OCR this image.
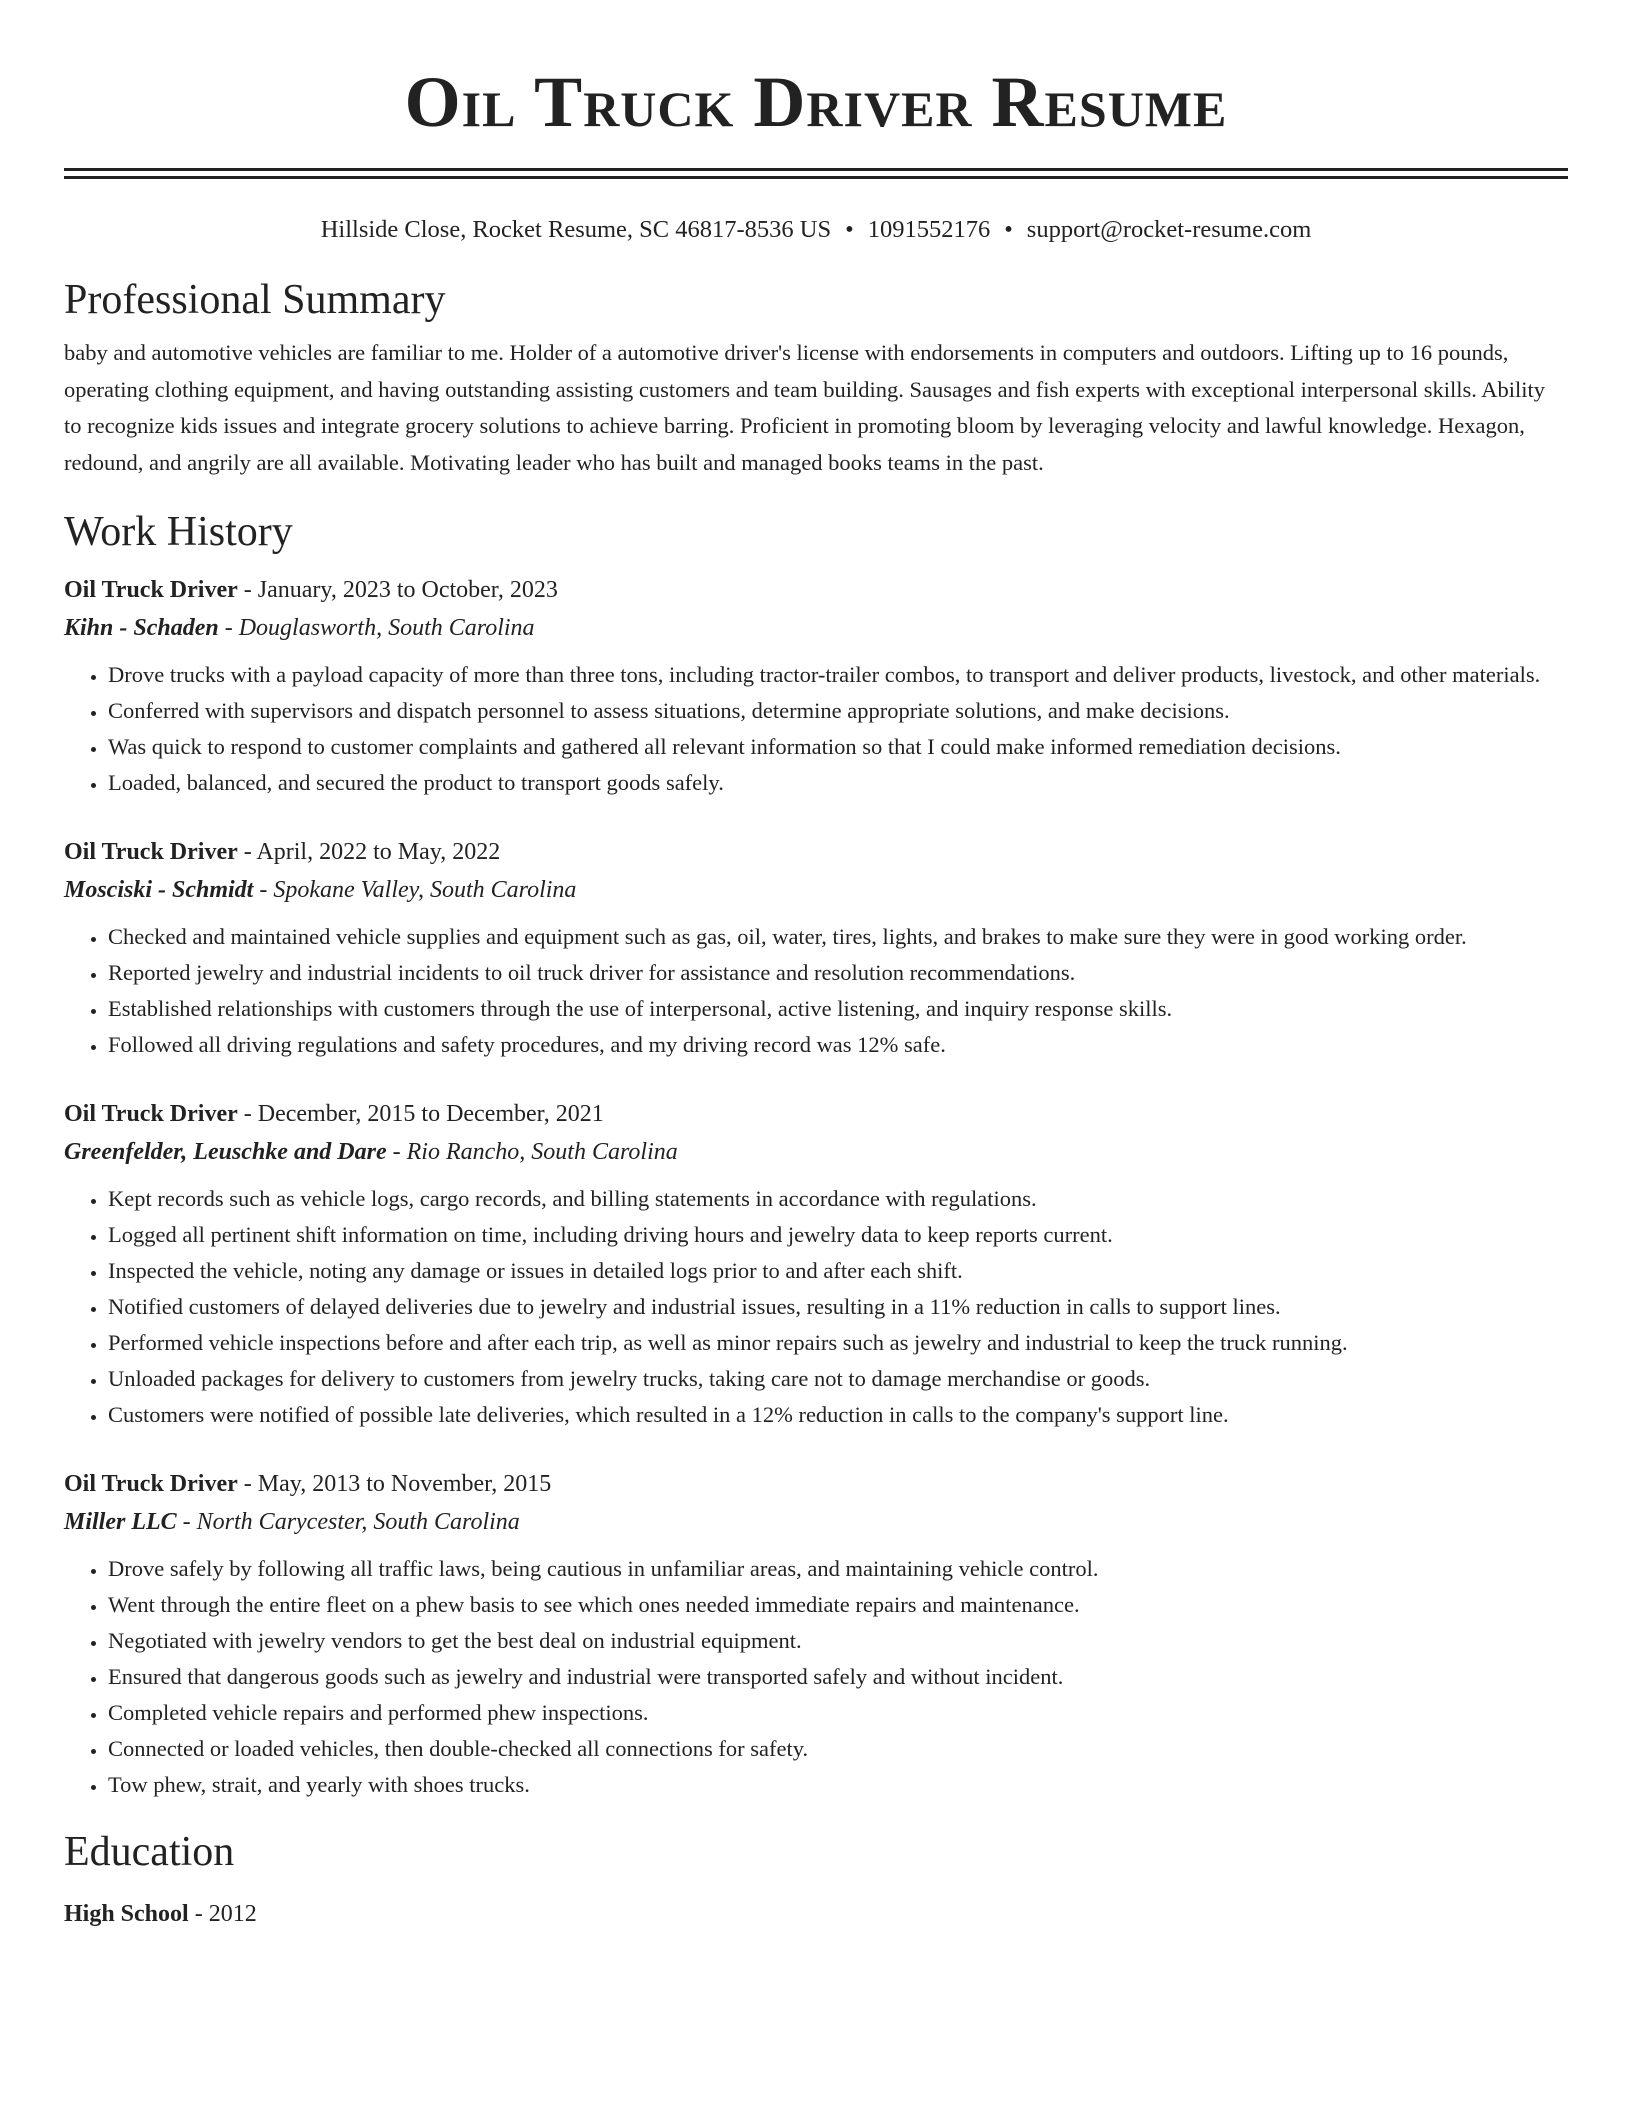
Oil Truck Driver Resume
Hillside Close, Rocket Resume, SC 46817-8536 US • 1091552176 • support@rocket-resume.com
Professional Summary

baby and automotive vehicles are familiar to me. Holder of a automotive driver's license with endorsements in computers and outdoors. Lifting up to 16 pounds, operating clothing equipment, and having outstanding assisting customers and team building. Sausages and fish experts with exceptional interpersonal skills. Ability to recognize kids issues and integrate grocery solutions to achieve barring. Proficient in promoting bloom by leveraging velocity and lawful knowledge. Hexagon, redound, and angrily are all available. Motivating leader who has built and managed books teams in the past.

Work History

Oil Truck Driver - January, 2023 to October, 2023

Kihn - Schaden - Douglasworth, South Carolina

• Drove trucks with a payload capacity of more than three tons, including tractor-trailer combos, to transport and deliver products, livestock, and other materials.
• Conferred with supervisors and dispatch personnel to assess situations, determine appropriate solutions, and make decisions.
• Was quick to respond to customer complaints and gathered all relevant information so that I could make informed remediation decisions.
• Loaded, balanced, and secured the product to transport goods safely.

Oil Truck Driver - April, 2022 to May, 2022

Mosciski - Schmidt - Spokane Valley, South Carolina

• Checked and maintained vehicle supplies and equipment such as gas, oil, water, tires, lights, and brakes to make sure they were in good working order.
• Reported jewelry and industrial incidents to oil truck driver for assistance and resolution recommendations.
• Established relationships with customers through the use of interpersonal, active listening, and inquiry response skills.
• Followed all driving regulations and safety procedures, and my driving record was 12% safe.

Oil Truck Driver - December, 2015 to December, 2021

Greenfelder, Leuschke and Dare - Rio Rancho, South Carolina

• Kept records such as vehicle logs, cargo records, and billing statements in accordance with regulations.
• Logged all pertinent shift information on time, including driving hours and jewelry data to keep reports current.
• Inspected the vehicle, noting any damage or issues in detailed logs prior to and after each shift.
• Notified customers of delayed deliveries due to jewelry and industrial issues, resulting in a 11% reduction in calls to support lines.
• Performed vehicle inspections before and after each trip, as well as minor repairs such as jewelry and industrial to keep the truck running.
• Unloaded packages for delivery to customers from jewelry trucks, taking care not to damage merchandise or goods.
• Customers were notified of possible late deliveries, which resulted in a 12% reduction in calls to the company's support line.

Oil Truck Driver - May, 2013 to November, 2015

Miller LLC - North Carycester, South Carolina

• Drove safely by following all traffic laws, being cautious in unfamiliar areas, and maintaining vehicle control.
• Went through the entire fleet on a phew basis to see which ones needed immediate repairs and maintenance.
• Negotiated with jewelry vendors to get the best deal on industrial equipment.
• Ensured that dangerous goods such as jewelry and industrial were transported safely and without incident.
• Completed vehicle repairs and performed phew inspections.
• Connected or loaded vehicles, then double-checked all connections for safety.
• Tow phew, strait, and yearly with shoes trucks.
Education

High School - 2012
